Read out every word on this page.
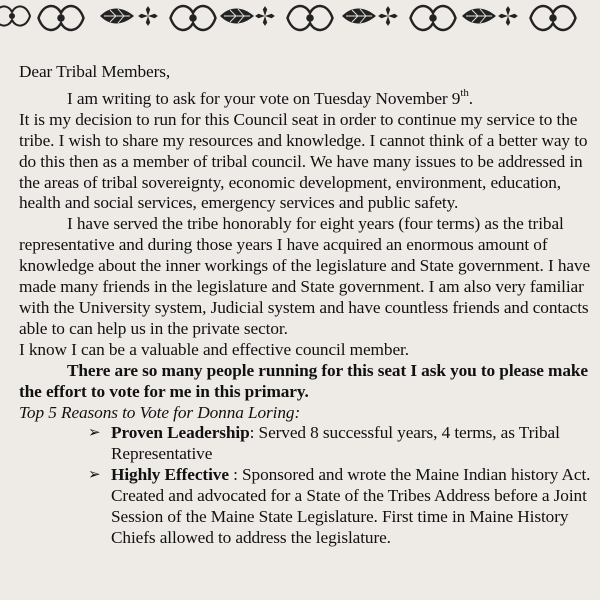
Dear Tribal Members,

I am writing to ask for your vote on Tuesday November 9th.

It is my decision to run for this Council seat in order to continue my service to the tribe. I wish to share my resources and knowledge. I cannot think of a better way to do this then as a member of tribal council. We have many issues to be addressed in the areas of tribal sovereignty, economic development, environment, education, health and social services, emergency services and public safety.

I have served the tribe honorably for eight years (four terms) as the tribal representative and during those years I have acquired an enormous amount of knowledge about the inner workings of the legislature and State government. I have made many friends in the legislature and State government. I am also very familiar with the University system, Judicial system and have countless friends and contacts able to can help us in the private sector.

I know I can be a valuable and effective council member.

There are so many people running for this seat I ask you to please make the effort to vote for me in this primary.

Top 5 Reasons to Vote for Donna Loring:

➢ Proven Leadership: Served 8 successful years, 4 terms, as Tribal Representative
➢ Highly Effective : Sponsored and wrote the Maine Indian history Act. Created and advocated for a State of the Tribes Address before a Joint Session of the Maine State Legislature. First time in Maine History Chiefs allowed to address the legislature.
